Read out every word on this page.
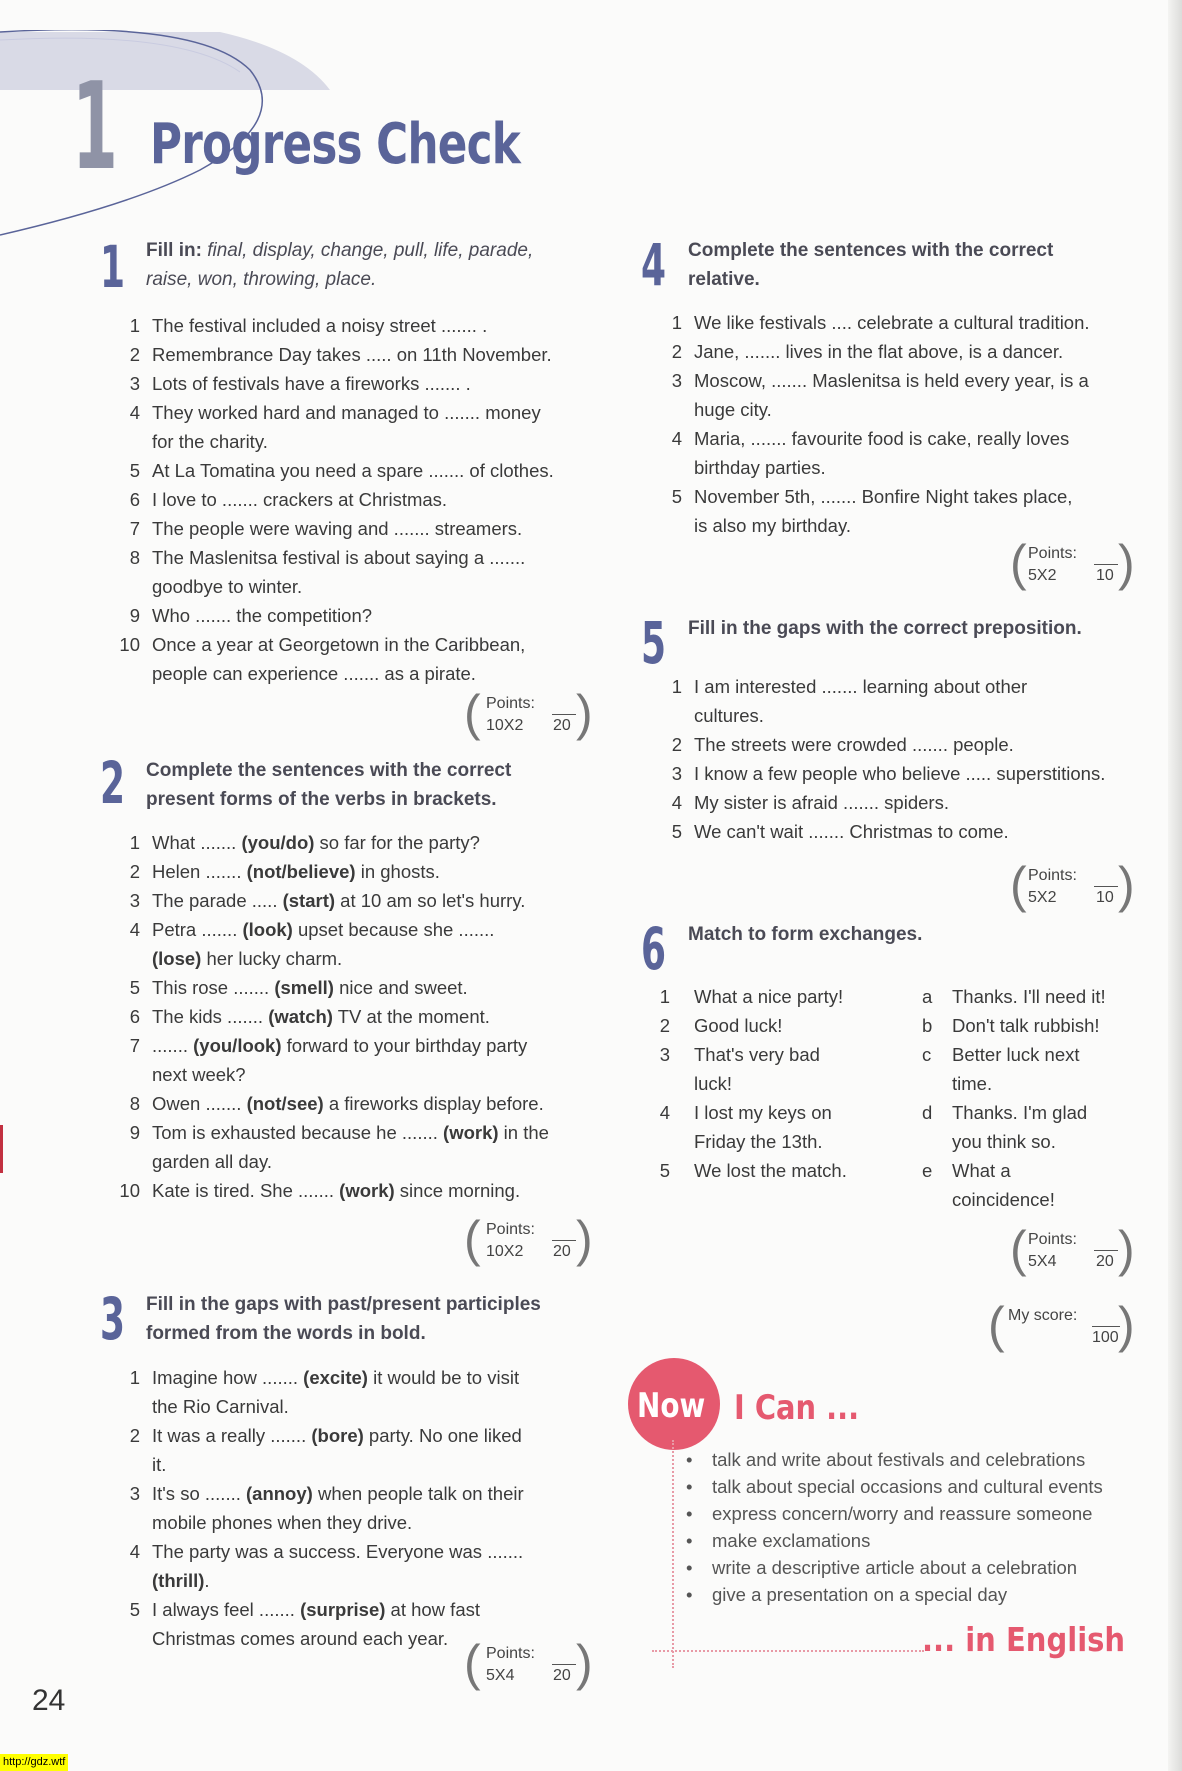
1 Progress Check
1 Fill in: final, display, change, pull, life, parade,
raise, won, throwing, place.
1 The festival included a noisy street ....... .
2 Remembrance Day takes ..... on 11th November.
3 Lots of festivals have a fireworks ....... .
4 They worked hard and managed to ....... money
for the charity.
5 At La Tomatina you need a spare ....... of clothes.
6 I love to ....... crackers at Christmas.
7 The people were waving and ....... streamers.
8 The Maslenitsa festival is about saying a .......
goodbye to winter.
9 Who ....... the competition?
10 Once a year at Georgetown in the Caribbean,
people can experience ....... as a pirate.
( Points:
10X2 20 )
2 Complete the sentences with the correct
present forms of the verbs in brackets.
1 What ....... (you/do) so far for the party?
2 Helen ....... (not/believe) in ghosts.
3 The parade ..... (start) at 10 am so let's hurry.
4 Petra ....... (look) upset because she .......
(lose) her lucky charm.
5 This rose ....... (smell) nice and sweet.
6 The kids ....... (watch) TV at the moment.
7 ....... (you/look) forward to your birthday party
next week?
8 Owen ....... (not/see) a fireworks display before.
9 Tom is exhausted because he ....... (work) in the
garden all day.
10 Kate is tired. She ....... (work) since morning.
( Points:
10X2 20 )
3 Fill in the gaps with past/present participles
formed from the words in bold.
1 Imagine how ....... (excite) it would be to visit
the Rio Carnival.
2 It was a really ....... (bore) party. No one liked
it.
3 It's so ....... (annoy) when people talk on their
mobile phones when they drive.
4 The party was a success. Everyone was .......
(thrill).
5 I always feel ....... (surprise) at how fast
Christmas comes around each year. ( Points:
5X4 20 )
4 Complete the sentences with the correct
relative.
1 We like festivals .... celebrate a cultural tradition.
2 Jane, ....... lives in the flat above, is a dancer.
3 Moscow, ....... Maslenitsa is held every year, is a
huge city.
4 Maria, ....... favourite food is cake, really loves
birthday parties.
5 November 5th, ....... Bonfire Night takes place,
is also my birthday.
( Points:
5X2 10 )
5 Fill in the gaps with the correct preposition.
1 I am interested ....... learning about other
cultures.
2 The streets were crowded ....... people.
3 I know a few people who believe ..... superstitions.
4 My sister is afraid ....... spiders.
5 We can't wait ....... Christmas to come.
( Points:
5X2 10 )
6 Match to form exchanges.
1 What a nice party!
2 Good luck!
3 That's very bad
luck!
4 I lost my keys on
Friday the 13th.
5 We lost the match.
a Thanks. I'll need it!
b Don't talk rubbish!
c Better luck next
time.
d Thanks. I'm glad
you think so.
e What a
coincidence!
( Points:
5X4 20 )
( My score:
100 )
Now I Can ...
• talk and write about festivals and celebrations
• talk about special occasions and cultural events
• express concern/worry and reassure someone
• make exclamations
• write a descriptive article about a celebration
• give a presentation on a special day
... in English
24
http://gdz.wtf
